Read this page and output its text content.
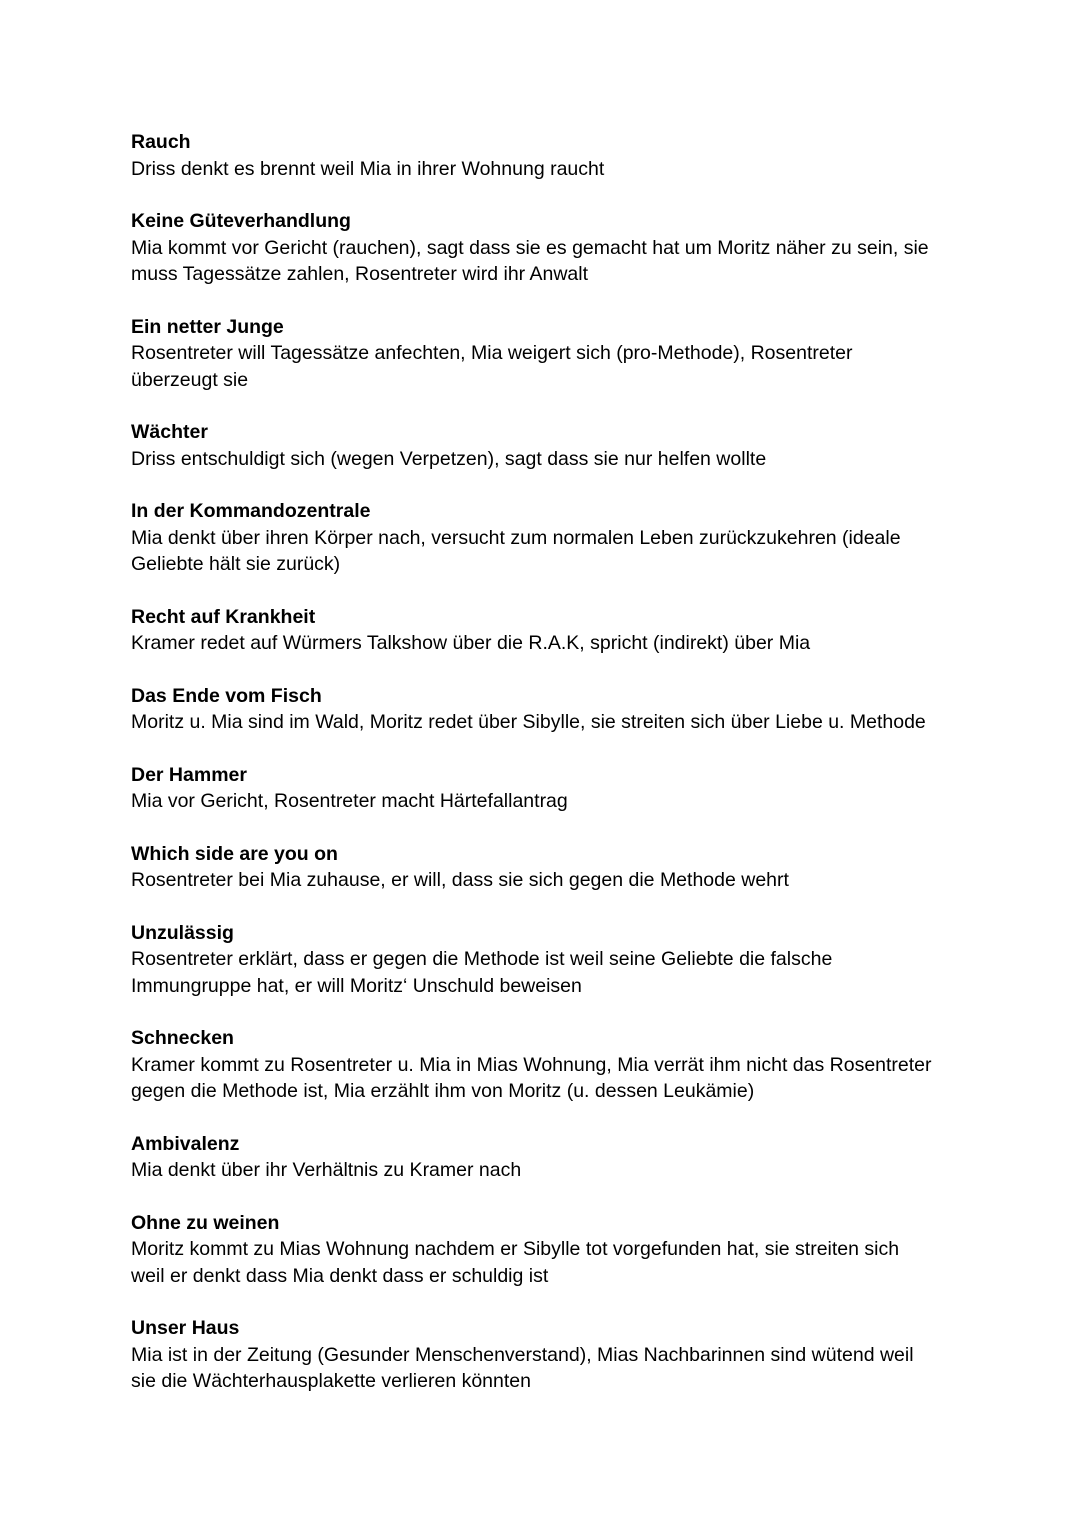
Rauch
Driss denkt es brennt weil Mia in ihrer Wohnung raucht
Keine Güteverhandlung
Mia kommt vor Gericht (rauchen), sagt dass sie es gemacht hat um Moritz näher zu sein, sie
muss Tagessätze zahlen, Rosentreter wird ihr Anwalt
Ein netter Junge
Rosentreter will Tagessätze anfechten, Mia weigert sich (pro-Methode), Rosentreter
überzeugt sie
Wächter
Driss entschuldigt sich (wegen Verpetzen), sagt dass sie nur helfen wollte
In der Kommandozentrale
Mia denkt über ihren Körper nach, versucht zum normalen Leben zurückzukehren (ideale
Geliebte hält sie zurück)
Recht auf Krankheit
Kramer redet auf Würmers Talkshow über die R.A.K, spricht (indirekt) über Mia
Das Ende vom Fisch
Moritz u. Mia sind im Wald, Moritz redet über Sibylle, sie streiten sich über Liebe u. Methode
Der Hammer
Mia vor Gericht, Rosentreter macht Härtefallantrag
Which side are you on
Rosentreter bei Mia zuhause, er will, dass sie sich gegen die Methode wehrt
Unzulässig
Rosentreter erklärt, dass er gegen die Methode ist weil seine Geliebte die falsche
Immungruppe hat, er will Moritz‘ Unschuld beweisen
Schnecken
Kramer kommt zu Rosentreter u. Mia in Mias Wohnung, Mia verrät ihm nicht das Rosentreter
gegen die Methode ist, Mia erzählt ihm von Moritz (u. dessen Leukämie)
Ambivalenz
Mia denkt über ihr Verhältnis zu Kramer nach
Ohne zu weinen
Moritz kommt zu Mias Wohnung nachdem er Sibylle tot vorgefunden hat, sie streiten sich
weil er denkt dass Mia denkt dass er schuldig ist
Unser Haus
Mia ist in der Zeitung (Gesunder Menschenverstand), Mias Nachbarinnen sind wütend weil
sie die Wächterhausplakette verlieren könnten
